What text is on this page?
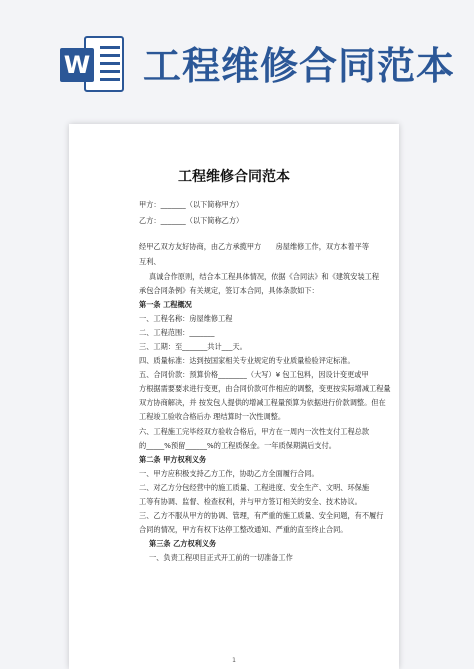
W 工程维修合同范本
工程维修合同范本
甲方：_______（以下简称甲方）
乙方：_______（以下简称乙方）
经甲乙双方友好协商，由乙方承揽甲方　　房屋维修工作，双方本着平等
互利、
真诚合作原则，结合本工程具体情况，依据《合同法》和《建筑安装工程
承包合同条例》有关规定，签订本合同，具体条款如下：
第一条 工程概况
一、工程名称：房屋维修工程
二、工程范围：_______
三、工期：至_______共计___天。
四、质量标准：达到按国家相关专业规定的专业质量检验评定标准。
五、合同价款：预算价格________（大写）¥ 包工包料，因设计变更或甲
方根据需要要求进行变更，由合同价款可作相应的调整，变更按实际增减工程量
双方协商解决，并 按发包人提供的增减工程量预算为依据进行价款调整。但在
工程竣工验收合格后办 理结算时一次性调整。
六、工程施工完毕经双方验收合格后，甲方在一周内一次性支付工程总款
的_____%预留______%的工程质保金。一年质保期满后支付。
第二条 甲方权利义务
一、甲方应积极支持乙方工作，协助乙方全面履行合同。
二、对乙方分包经营中的施工质量、工程进度、安全生产、文明、环保施
工等有协调、监督、检查权利，并与甲方签订相关的安全、技术协议。
三、乙方不服从甲方的协调、管理，有严重的施工质量、安全问题，有不履行
合同的情况，甲方有权下达停工整改通知、严重的直至终止合同。
第三条 乙方权利义务
一、负责工程项目正式开工前的一切准备工作
1
